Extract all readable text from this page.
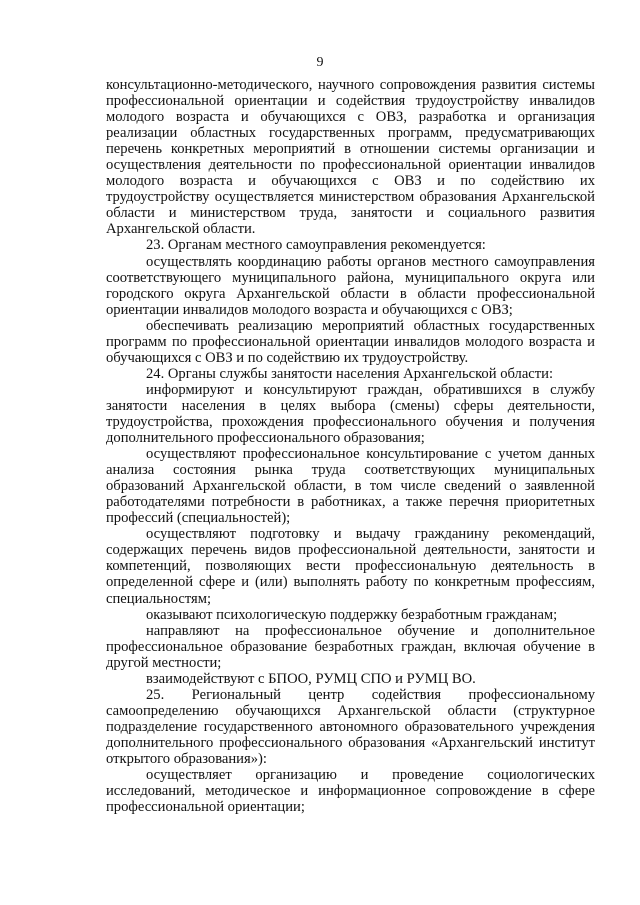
9

консультационно-методического, научного сопровождения развития системы профессиональной ориентации и содействия трудоустройству инвалидов молодого возраста и обучающихся с ОВЗ, разработка и организация реализации областных государственных программ, предусматривающих перечень конкретных мероприятий в отношении системы организации и осуществления деятельности по профессиональной ориентации инвалидов молодого возраста и обучающихся с ОВЗ и по содействию их трудоустройству осуществляется министерством образования Архангельской области и министерством труда, занятости и социального развития Архангельской области.

23. Органам местного самоуправления рекомендуется:

осуществлять координацию работы органов местного самоуправления соответствующего муниципального района, муниципального округа или городского округа Архангельской области в области профессиональной ориентации инвалидов молодого возраста и обучающихся с ОВЗ;

обеспечивать реализацию мероприятий областных государственных программ по профессиональной ориентации инвалидов молодого возраста и обучающихся с ОВЗ и по содействию их трудоустройству.

24. Органы службы занятости населения Архангельской области:

информируют и консультируют граждан, обратившихся в службу занятости населения в целях выбора (смены) сферы деятельности, трудоустройства, прохождения профессионального обучения и получения дополнительного профессионального образования;

осуществляют профессиональное консультирование с учетом данных анализа состояния рынка труда соответствующих муниципальных образований Архангельской области, в том числе сведений о заявленной работодателями потребности в работниках, а также перечня приоритетных профессий (специальностей);

осуществляют подготовку и выдачу гражданину рекомендаций, содержащих перечень видов профессиональной деятельности, занятости и компетенций, позволяющих вести профессиональную деятельность в определенной сфере и (или) выполнять работу по конкретным профессиям, специальностям;

оказывают психологическую поддержку безработным гражданам;

направляют на профессиональное обучение и дополнительное профессиональное образование безработных граждан, включая обучение в другой местности;

взаимодействуют с БПОО, РУМЦ СПО и РУМЦ ВО.

25. Региональный центр содействия профессиональному самоопределению обучающихся Архангельской области (структурное подразделение государственного автономного образовательного учреждения дополнительного профессионального образования «Архангельский институт открытого образования»):

осуществляет организацию и проведение социологических исследований, методическое и информационное сопровождение в сфере профессиональной ориентации;
